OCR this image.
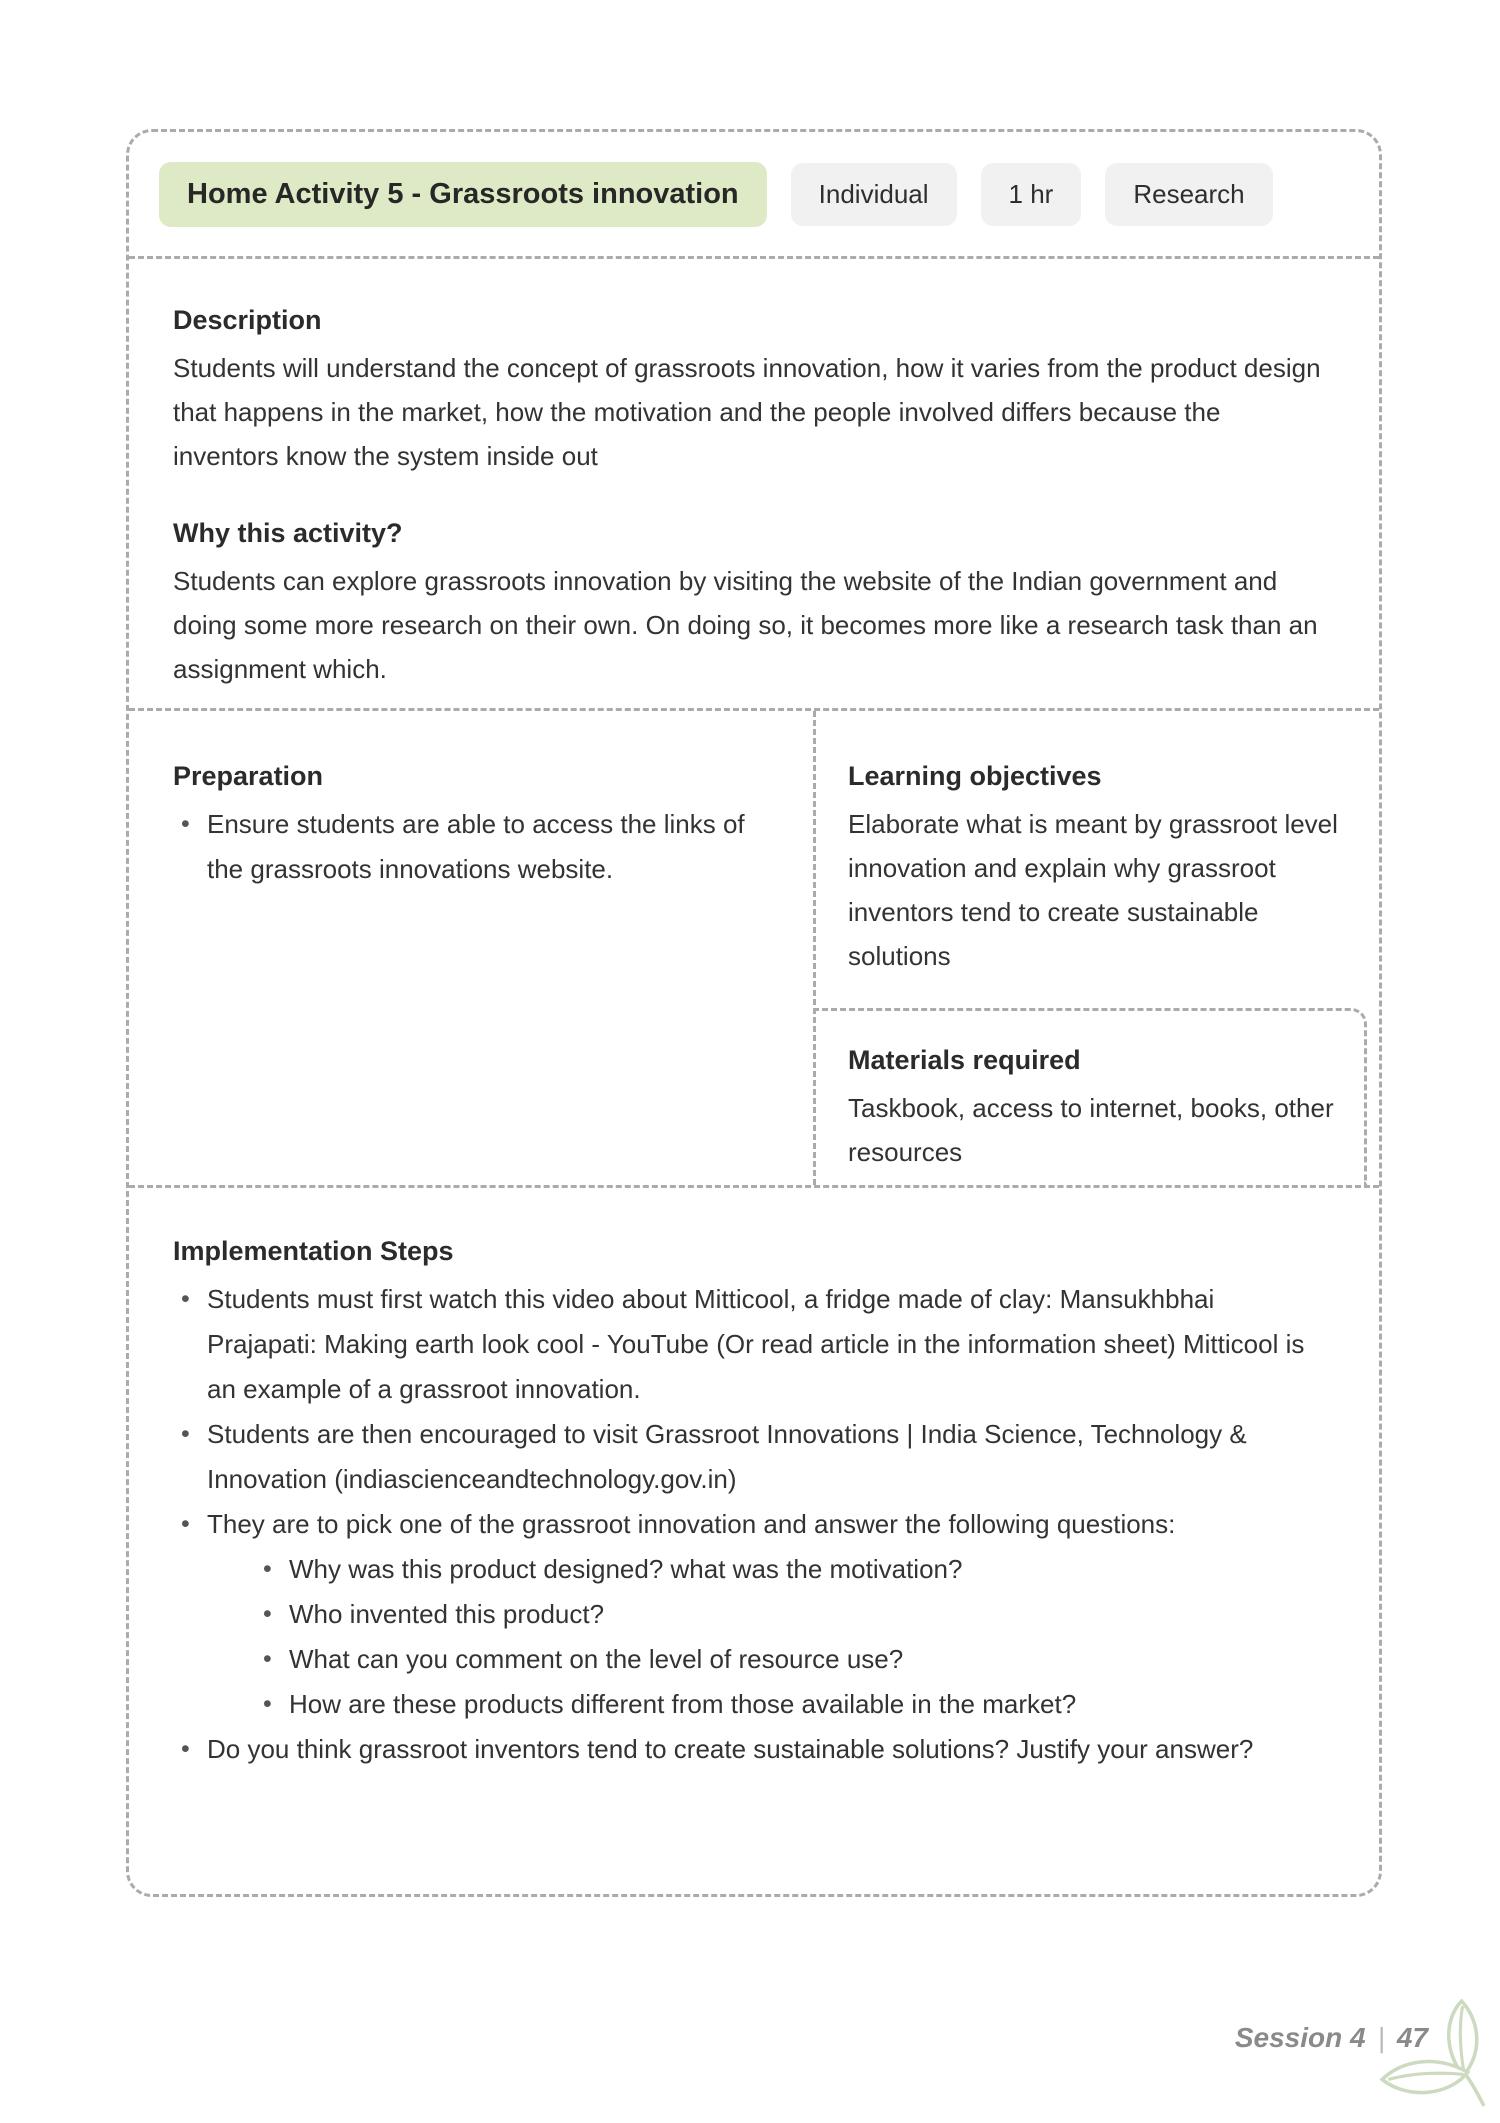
Home Activity 5 - Grassroots innovation	Individual	1 hr	Research
Description

Students will understand the concept of grassroots innovation, how it varies from the product design that happens in the market, how the motivation and the people involved differs because the inventors know the system inside out

Why this activity?

Students can explore grassroots innovation by visiting the website of the Indian government and doing some more research on their own. On doing so, it becomes more like a research task than an assignment which.

Preparation
• Ensure students are able to access the links of the grassroots innovations website.
Learning objectives

Elaborate what is meant by grassroot level innovation and explain why grassroot inventors tend to create sustainable solutions

Materials required

Taskbook, access to internet, books, other resources

Implementation Steps
• Students must first watch this video about Mitticool, a fridge made of clay: Mansukhbhai Prajapati: Making earth look cool - YouTube (Or read article in the information sheet) Mitticool is an example of a grassroot innovation.
• Students are then encouraged to visit Grassroot Innovations | India Science, Technology & Innovation (indiascienceandtechnology.gov.in)
• They are to pick one of the grassroot innovation and answer the following questions:
• Why was this product designed? what was the motivation?
• Who invented this product?
• What can you comment on the level of resource use?
• How are these products different from those available in the market?
• Do you think grassroot inventors tend to create sustainable solutions? Justify your answer?
Session 4 | 47
